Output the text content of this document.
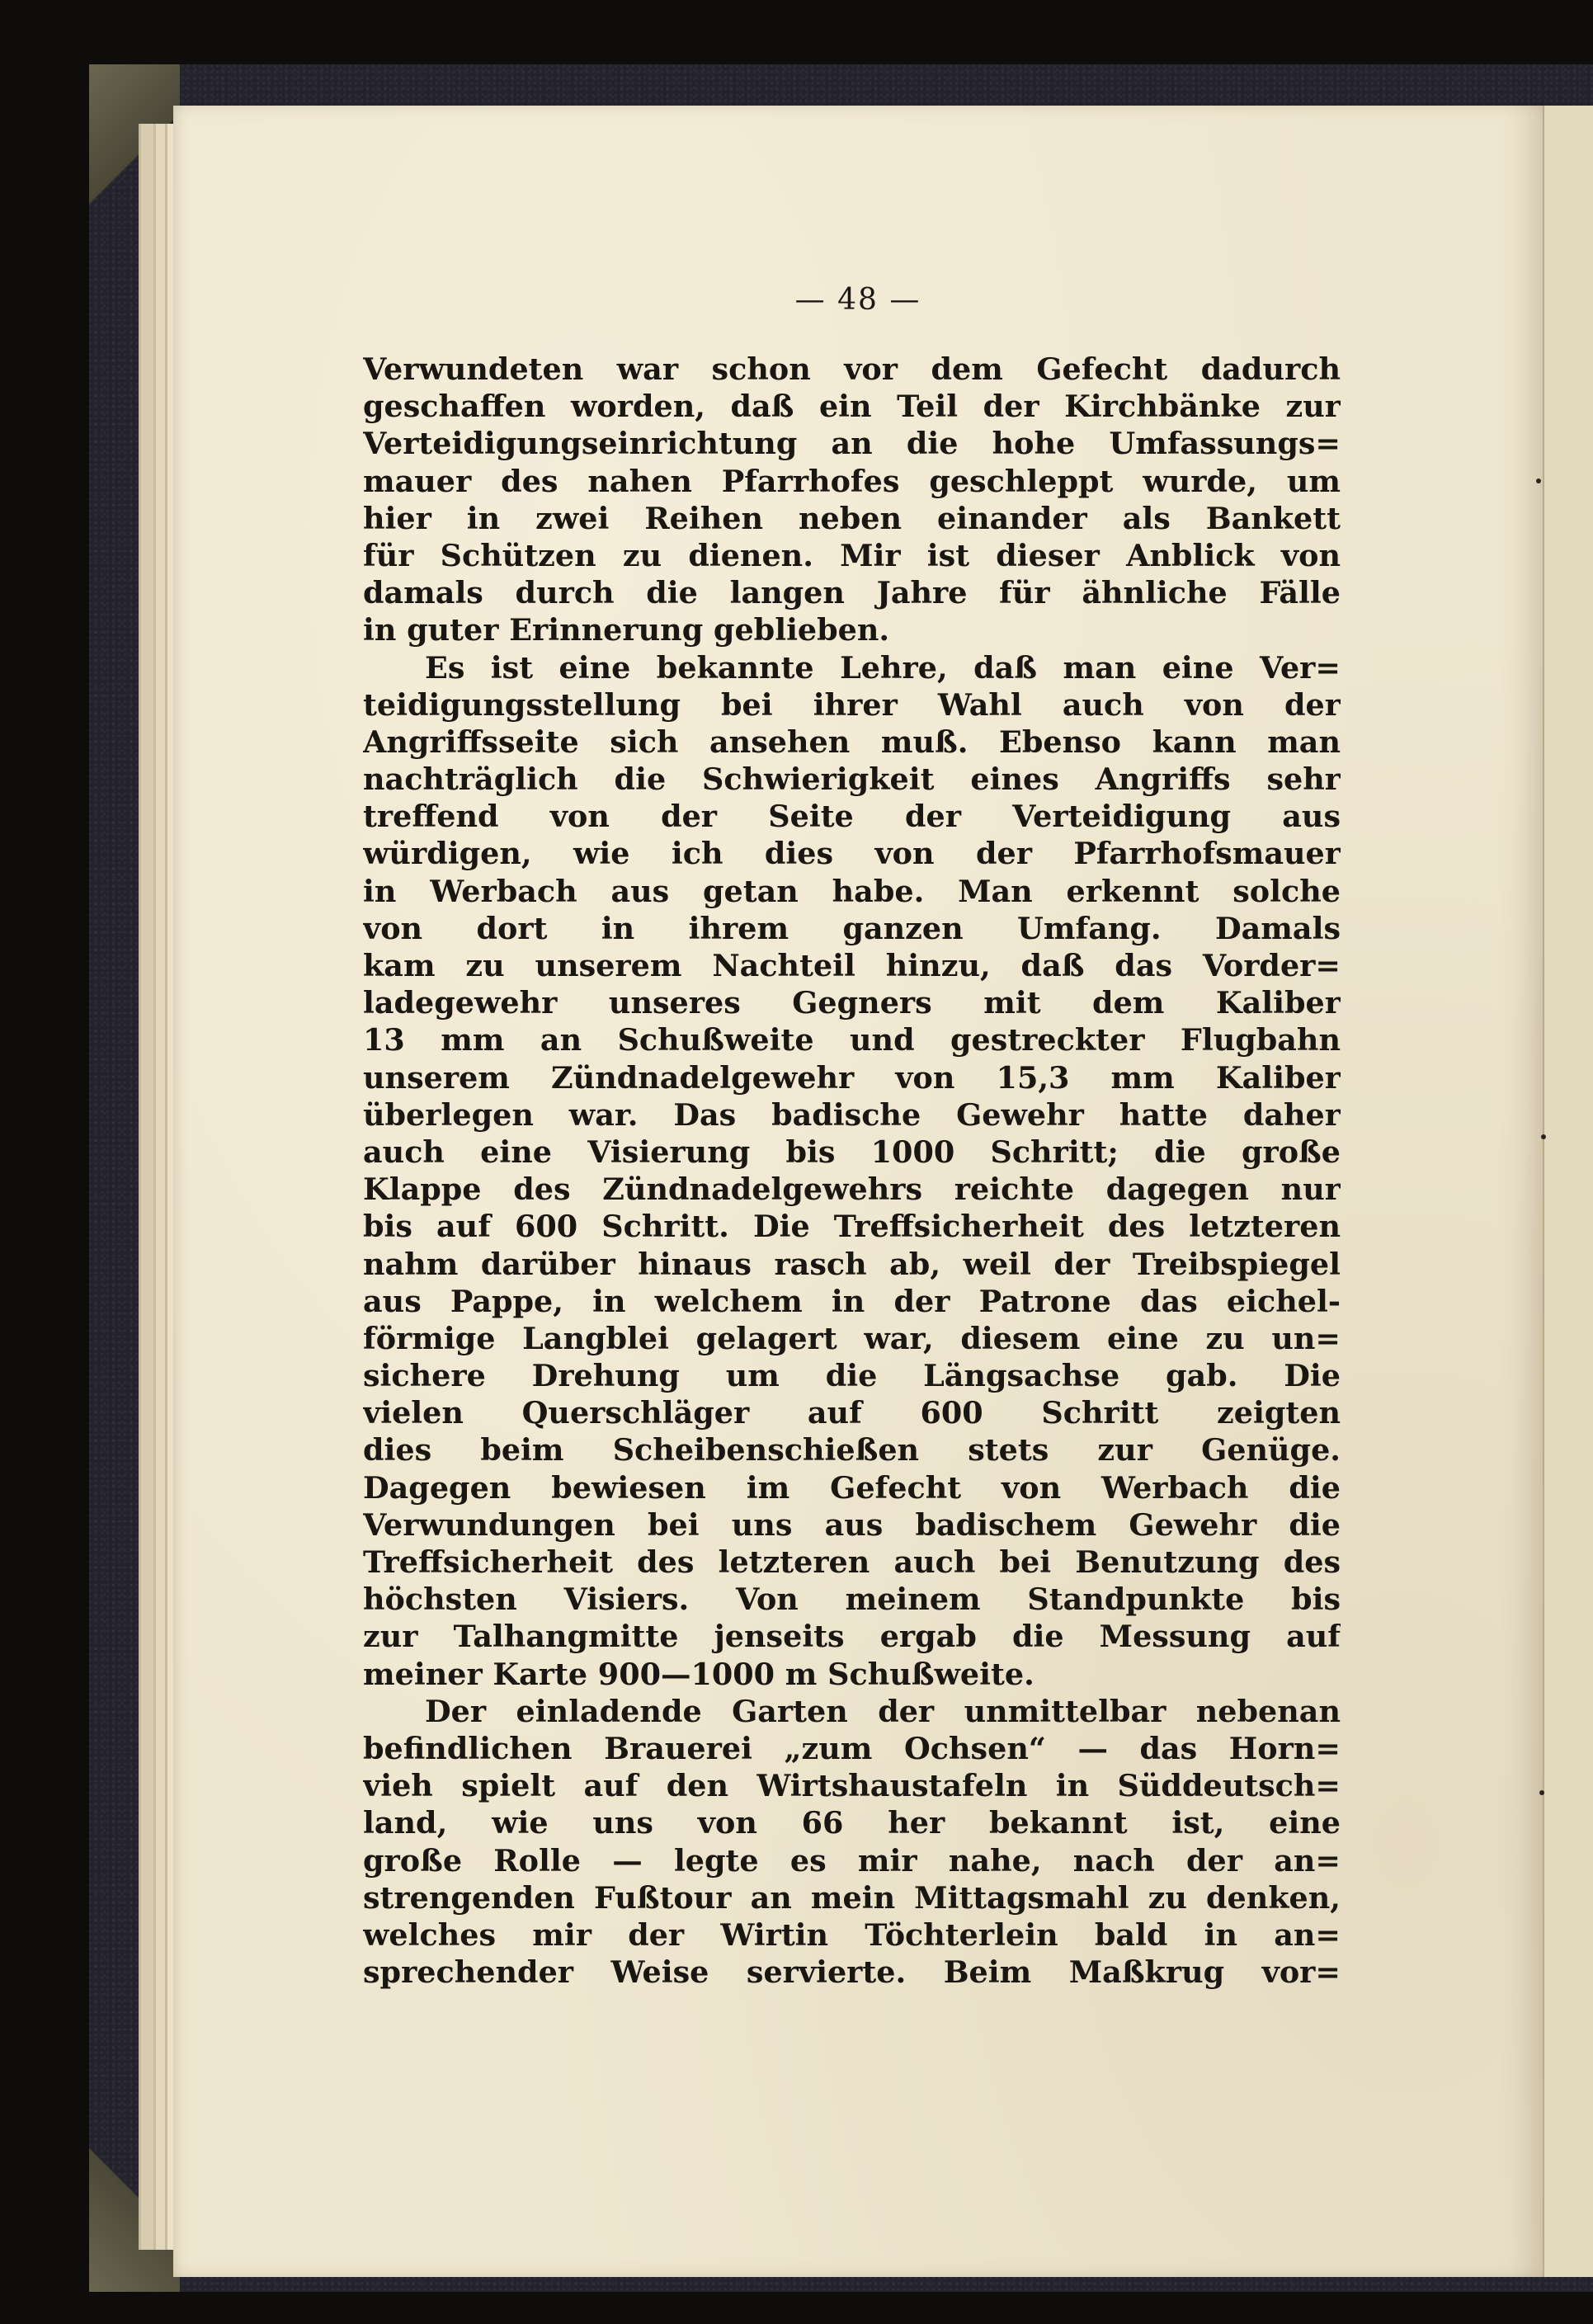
— 48 —
Verwundeten war schon vor dem Gefecht dadurch
geschaffen worden, daß ein Teil der Kirchbänke zur
Verteidigungseinrichtung an die hohe Umfassungs=
mauer des nahen Pfarrhofes geschleppt wurde, um
hier in zwei Reihen neben einander als Bankett
für Schützen zu dienen. Mir ist dieser Anblick von
damals durch die langen Jahre für ähnliche Fälle
in guter Erinnerung geblieben.
Es ist eine bekannte Lehre, daß man eine Ver=
teidigungsstellung bei ihrer Wahl auch von der
Angriffsseite sich ansehen muß. Ebenso kann man
nachträglich die Schwierigkeit eines Angriffs sehr
treffend von der Seite der Verteidigung aus
würdigen, wie ich dies von der Pfarrhofsmauer
in Werbach aus getan habe. Man erkennt solche
von dort in ihrem ganzen Umfang. Damals
kam zu unserem Nachteil hinzu, daß das Vorder=
ladegewehr unseres Gegners mit dem Kaliber
13 mm an Schußweite und gestreckter Flugbahn
unserem Zündnadelgewehr von 15,3 mm Kaliber
überlegen war. Das badische Gewehr hatte daher
auch eine Visierung bis 1000 Schritt; die große
Klappe des Zündnadelgewehrs reichte dagegen nur
bis auf 600 Schritt. Die Treffsicherheit des letzteren
nahm darüber hinaus rasch ab, weil der Treibspiegel
aus Pappe, in welchem in der Patrone das eichel-
förmige Langblei gelagert war, diesem eine zu un=
sichere Drehung um die Längsachse gab. Die
vielen Querschläger auf 600 Schritt zeigten
dies beim Scheibenschießen stets zur Genüge.
Dagegen bewiesen im Gefecht von Werbach die
Verwundungen bei uns aus badischem Gewehr die
Treffsicherheit des letzteren auch bei Benutzung des
höchsten Visiers. Von meinem Standpunkte bis
zur Talhangmitte jenseits ergab die Messung auf
meiner Karte 900—1000 m Schußweite.
Der einladende Garten der unmittelbar nebenan
befindlichen Brauerei „zum Ochsen“ — das Horn=
vieh spielt auf den Wirtshaustafeln in Süddeutsch=
land, wie uns von 66 her bekannt ist, eine
große Rolle — legte es mir nahe, nach der an=
strengenden Fußtour an mein Mittagsmahl zu denken,
welches mir der Wirtin Töchterlein bald in an=
sprechender Weise servierte. Beim Maßkrug vor=
